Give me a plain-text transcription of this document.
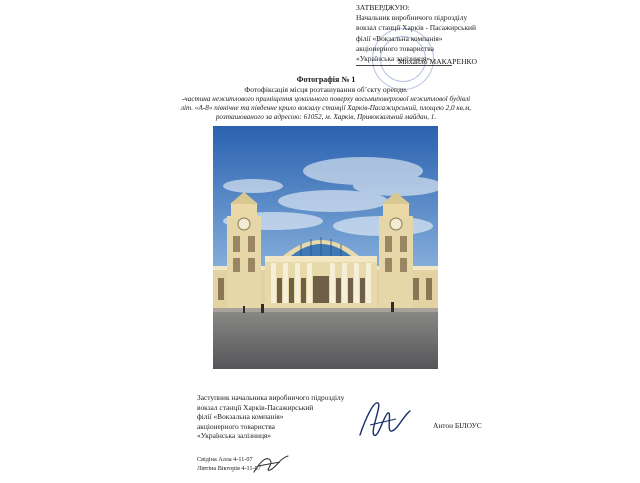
ЗАТВЕРДЖУЮ:
Начальник виробничого підрозділу
вокзал станції Харків - Пасажирський
філії «Вокзальна компанія»
акціонерного товариства
«Українська залізниця»
Михайло МАКАРЕНКО
Фотографія № 1
Фотофіксація місця розташування об’єкту оренди.
-частина нежитлового приміщення цокольного поверху восьмиповерхової нежитлової будівлі літ. «А-8» північне та південне крило вокзалу станції Харків-Пасажирський, площею 2,0 кв.м, розташованого за адресою: 61052, м. Харків, Привокзальний майдан, 1.
Заступник начальника виробничого підрозділу
вокзал станції Харків-Пасажирський
філії «Вокзальна компанія»
акціонерного товариства
«Українська залізниця»
Антон БІЛОУС
Свідіна Алла 4-11-07
Лівтіна Вікторія 4-11-07
